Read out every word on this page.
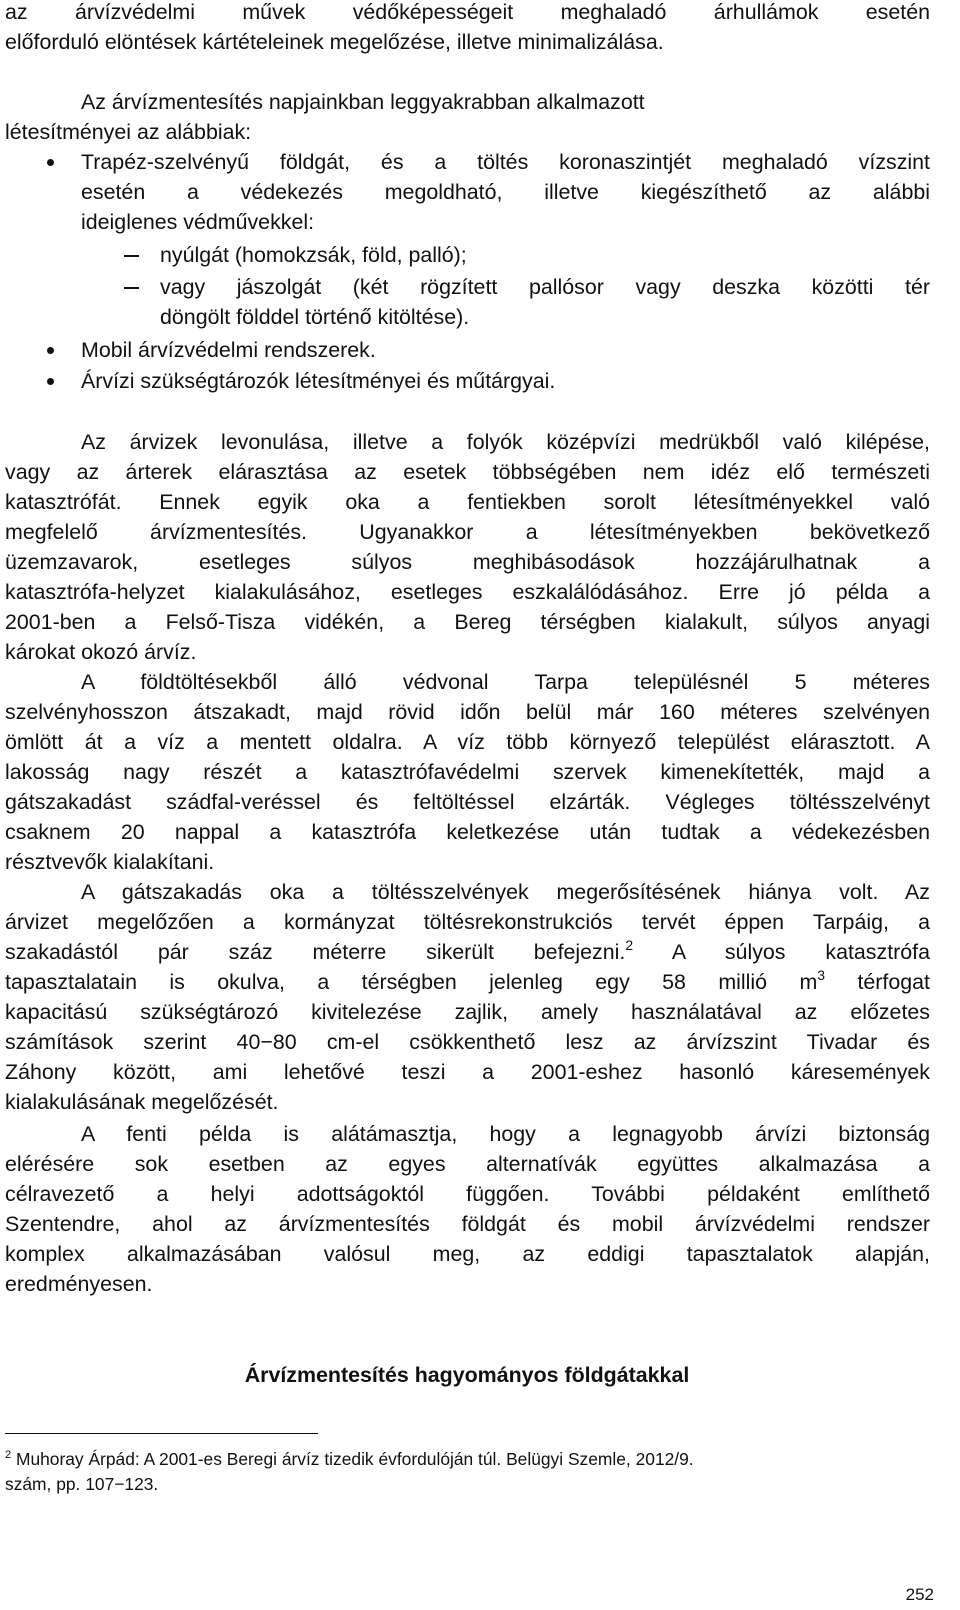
az árvízvédelmi művek védőképességeit meghaladó árhullámok esetén
előforduló elöntések kártételeinek megelőzése, illetve minimalizálása.
Az árvízmentesítés napjainkban leggyakrabban alkalmazott
létesítményei az alábbiak:
Trapéz-szelvényű földgát, és a töltés koronaszintjét meghaladó vízszint
esetén a védekezés megoldható, illetve kiegészíthető az alábbi
ideiglenes védművekkel:
nyúlgát (homokzsák, föld, palló);
vagy jászolgát (két rögzített pallósor vagy deszka közötti tér
döngölt földdel történő kitöltése).
Mobil árvízvédelmi rendszerek.
Árvízi szükségtározók létesítményei és műtárgyai.
Az árvizek levonulása, illetve a folyók középvízi medrükből való kilépése,
vagy az árterek elárasztása az esetek többségében nem idéz elő természeti
katasztrófát. Ennek egyik oka a fentiekben sorolt létesítményekkel való
megfelelő árvízmentesítés. Ugyanakkor a létesítményekben bekövetkező
üzemzavarok, esetleges súlyos meghibásodások hozzájárulhatnak a
katasztrófa-helyzet kialakulásához, esetleges eszkalálódásához. Erre jó példa a
2001-ben a Felső-Tisza vidékén, a Bereg térségben kialakult, súlyos anyagi
károkat okozó árvíz.
A földtöltésekből álló védvonal Tarpa településnél 5 méteres
szelvényhosszon átszakadt, majd rövid időn belül már 160 méteres szelvényen
ömlött át a víz a mentett oldalra. A víz több környező települést elárasztott. A
lakosság nagy részét a katasztrófavédelmi szervek kimenekítették, majd a
gátszakadást szádfal-veréssel és feltöltéssel elzárták. Végleges töltésszelvényt
csaknem 20 nappal a katasztrófa keletkezése után tudtak a védekezésben
résztvevők kialakítani.
A gátszakadás oka a töltésszelvények megerősítésének hiánya volt. Az
árvizet megelőzően a kormányzat töltésrekonstrukciós tervét éppen Tarpáig, a
szakadástól pár száz méterre sikerült befejezni.$^2$ A súlyos katasztrófa
tapasztalatain is okulva, a térségben jelenleg egy 58 millió $m^3$ térfogat
kapacitású szükségtározó kivitelezése zajlik, amely használatával az előzetes
számítások szerint 40−80 cm-el csökkenthető lesz az árvízszint Tivadar és
Záhony között, ami lehetővé teszi a 2001-eshez hasonló káresemények
kialakulásának megelőzését.
A fenti példa is alátámasztja, hogy a legnagyobb árvízi biztonság
elérésére sok esetben az egyes alternatívák együttes alkalmazása a
célravezető a helyi adottságoktól függően. További példaként említhető
Szentendre, ahol az árvízmentesítés földgát és mobil árvízvédelmi rendszer
komplex alkalmazásában valósul meg, az eddigi tapasztalatok alapján,
eredményesen.
Árvízmentesítés hagyományos földgátakkal
$^2$ Muhoray Árpád: A 2001-es Beregi árvíz tizedik évfordulóján túl. Belügyi Szemle, 2012/9.
szám, pp. 107−123.
252
